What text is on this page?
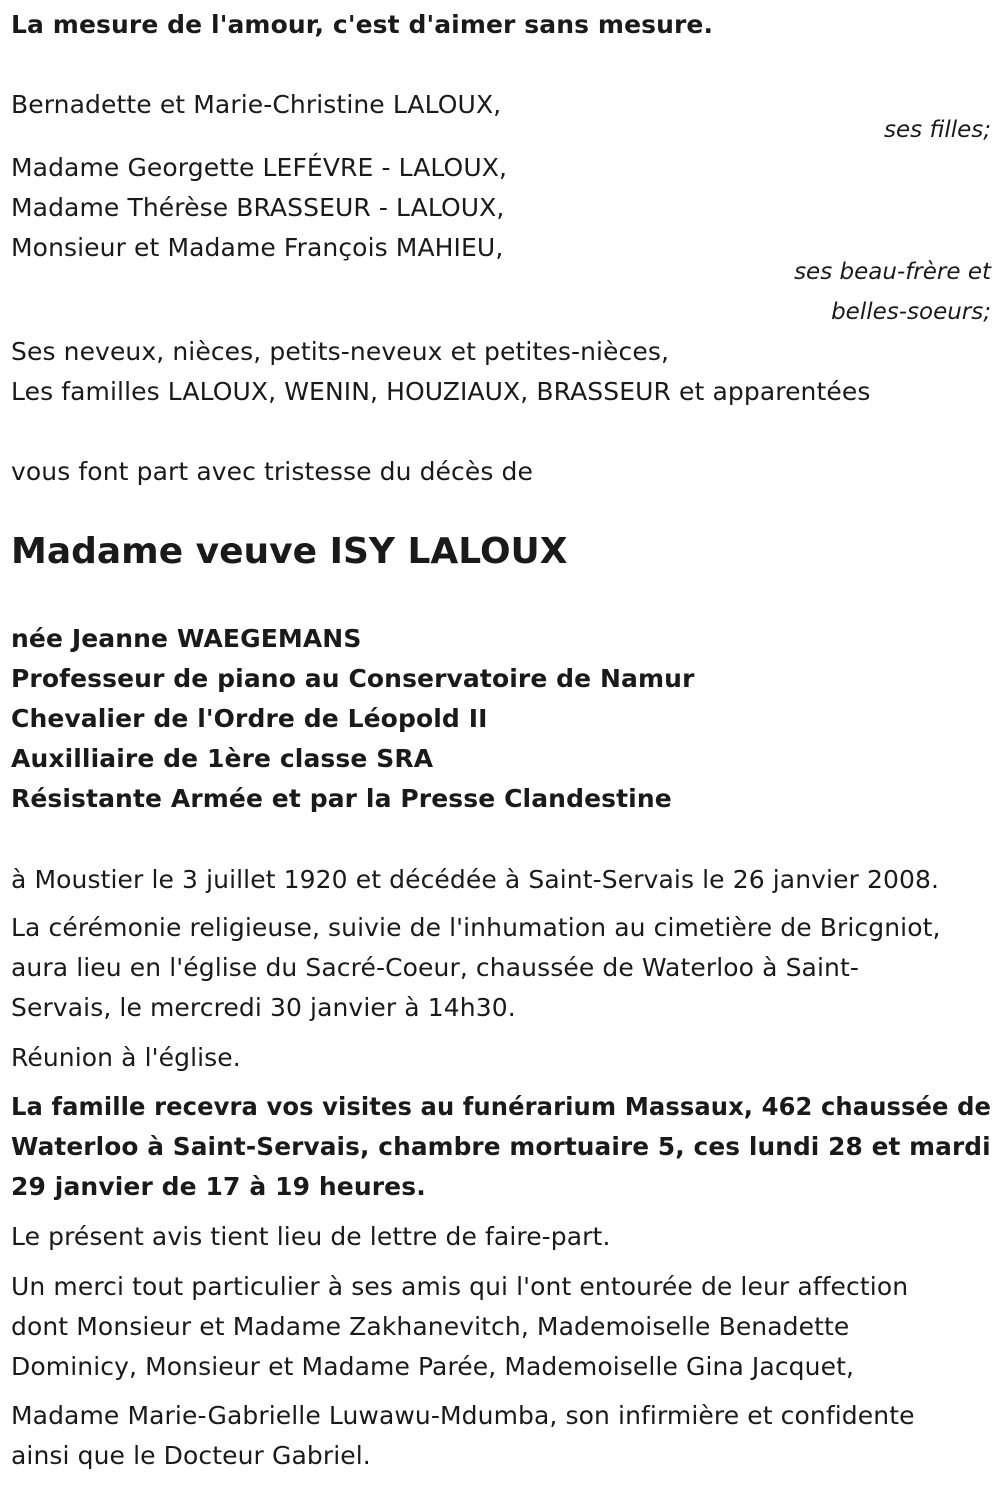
La mesure de l'amour, c'est d'aimer sans mesure.
Bernadette et Marie-Christine LALOUX,
ses filles;
Madame Georgette LEFÉVRE - LALOUX,
Madame Thérèse BRASSEUR - LALOUX,
Monsieur et Madame François MAHIEU,
ses beau-frère et
belles-soeurs;
Ses neveux, nièces, petits-neveux et petites-nièces,
Les familles LALOUX, WENIN, HOUZIAUX, BRASSEUR et apparentées
vous font part avec tristesse du décès de
Madame veuve ISY LALOUX
née Jeanne WAEGEMANS
Professeur de piano au Conservatoire de Namur
Chevalier de l'Ordre de Léopold II
Auxilliaire de 1ère classe SRA
Résistante Armée et par la Presse Clandestine
à Moustier le 3 juillet 1920 et décédée à Saint-Servais le 26 janvier 2008.
La cérémonie religieuse, suivie de l'inhumation au cimetière de Bricgniot,
aura lieu en l'église du Sacré-Coeur, chaussée de Waterloo à Saint-
Servais, le mercredi 30 janvier à 14h30.
Réunion à l'église.
La famille recevra vos visites au funérarium Massaux, 462 chaussée de
Waterloo à Saint-Servais, chambre mortuaire 5, ces lundi 28 et mardi
29 janvier de 17 à 19 heures.
Le présent avis tient lieu de lettre de faire-part.
Un merci tout particulier à ses amis qui l'ont entourée de leur affection
dont Monsieur et Madame Zakhanevitch, Mademoiselle Benadette
Dominicy, Monsieur et Madame Parée, Mademoiselle Gina Jacquet,
Madame Marie-Gabrielle Luwawu-Mdumba, son infirmière et confidente
ainsi que le Docteur Gabriel.
